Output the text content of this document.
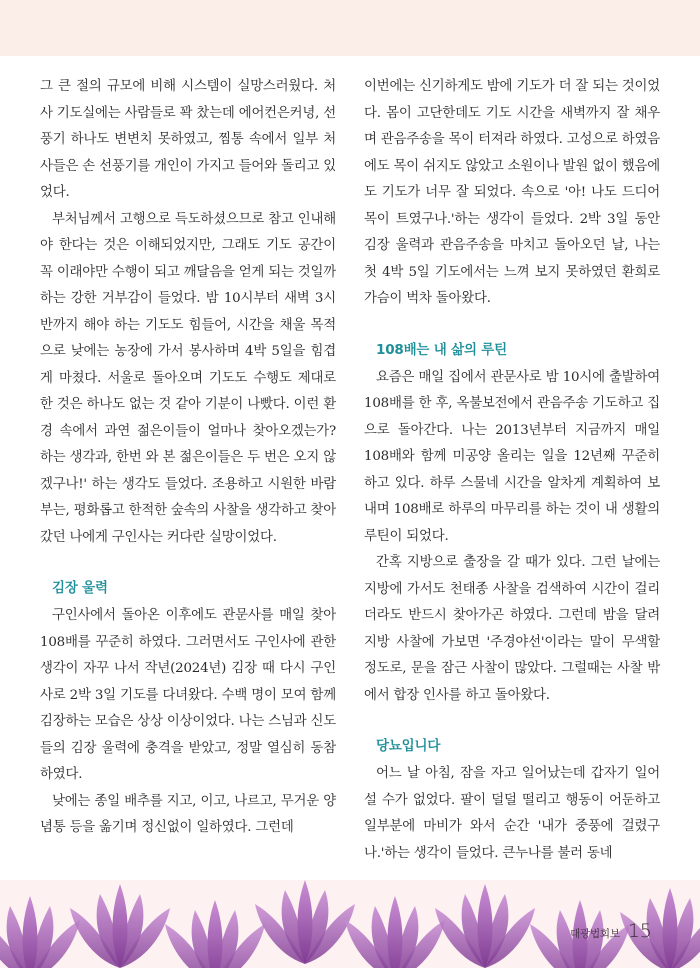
그 큰 절의 규모에 비해 시스템이 실망스러웠다. 처사 기도실에는 사람들로 꽉 찼는데 에어컨은커녕, 선풍기 하나도 변변치 못하였고, 찜통 속에서 일부 처사들은 손 선풍기를 개인이 가지고 들어와 돌리고 있었다.

부처님께서 고행으로 득도하셨으므로 참고 인내해야 한다는 것은 이해되었지만, 그래도 기도 공간이 꼭 이래야만 수행이 되고 깨달음을 얻게 되는 것일까 하는 강한 거부감이 들었다. 밤 10시부터 새벽 3시 반까지 해야 하는 기도도 힘들어, 시간을 채울 목적으로 낮에는 농장에 가서 봉사하며 4박 5일을 힘겹게 마쳤다. 서울로 돌아오며 기도도 수행도 제대로 한 것은 하나도 없는 것 같아 기분이 나빴다. 이런 환경 속에서 과연 젊은이들이 얼마나 찾아오겠는가? 하는 생각과, 한번 와 본 젊은이들은 두 번은 오지 않겠구나!' 하는 생각도 들었다. 조용하고 시원한 바람 부는, 평화롭고 한적한 숲속의 사찰을 생각하고 찾아갔던 나에게 구인사는 커다란 실망이었다.

김장 울력

구인사에서 돌아온 이후에도 관문사를 매일 찾아 108배를 꾸준히 하였다. 그러면서도 구인사에 관한 생각이 자꾸 나서 작년(2024년) 김장 때 다시 구인사로 2박 3일 기도를 다녀왔다. 수백 명이 모여 함께 김장하는 모습은 상상 이상이었다. 나는 스님과 신도들의 김장 울력에 충격을 받았고, 정말 열심히 동참하였다.

낮에는 종일 배추를 지고, 이고, 나르고, 무거운 양념통 등을 옮기며 정신없이 일하였다. 그런데

이번에는 신기하게도 밤에 기도가 더 잘 되는 것이었다. 몸이 고단한데도 기도 시간을 새벽까지 잘 채우며 관음주송을 목이 터져라 하였다. 고성으로 하였음에도 목이 쉬지도 않았고 소원이나 발원 없이 했음에도 기도가 너무 잘 되었다. 속으로 '아! 나도 드디어 목이 트였구나.'하는 생각이 들었다. 2박 3일 동안 김장 울력과 관음주송을 마치고 돌아오던 날, 나는 첫 4박 5일 기도에서는 느껴 보지 못하였던 환희로 가슴이 벅차 돌아왔다.

108배는 내 삶의 루틴

요즘은 매일 집에서 관문사로 밤 10시에 출발하여 108배를 한 후, 옥불보전에서 관음주송 기도하고 집으로 돌아간다. 나는 2013년부터 지금까지 매일 108배와 함께 미공양 올리는 일을 12년째 꾸준히 하고 있다. 하루 스물네 시간을 알차게 계획하여 보내며 108배로 하루의 마무리를 하는 것이 내 생활의 루틴이 되었다.

간혹 지방으로 출장을 갈 때가 있다. 그런 날에는 지방에 가서도 천태종 사찰을 검색하여 시간이 걸리더라도 반드시 찾아가곤 하였다. 그런데 밤을 달려 지방 사찰에 가보면 '주경야선'이라는 말이 무색할 정도로, 문을 잠근 사찰이 많았다. 그럴때는 사찰 밖에서 합장 인사를 하고 돌아왔다.

당뇨입니다

어느 날 아침, 잠을 자고 일어났는데 갑자기 일어설 수가 없었다. 팔이 덜덜 떨리고 행동이 어둔하고 일부분에 마비가 와서 순간 '내가 중풍에 걸렸구나.'하는 생각이 들었다. 큰누나를 불러 동네

대광법회보 15
